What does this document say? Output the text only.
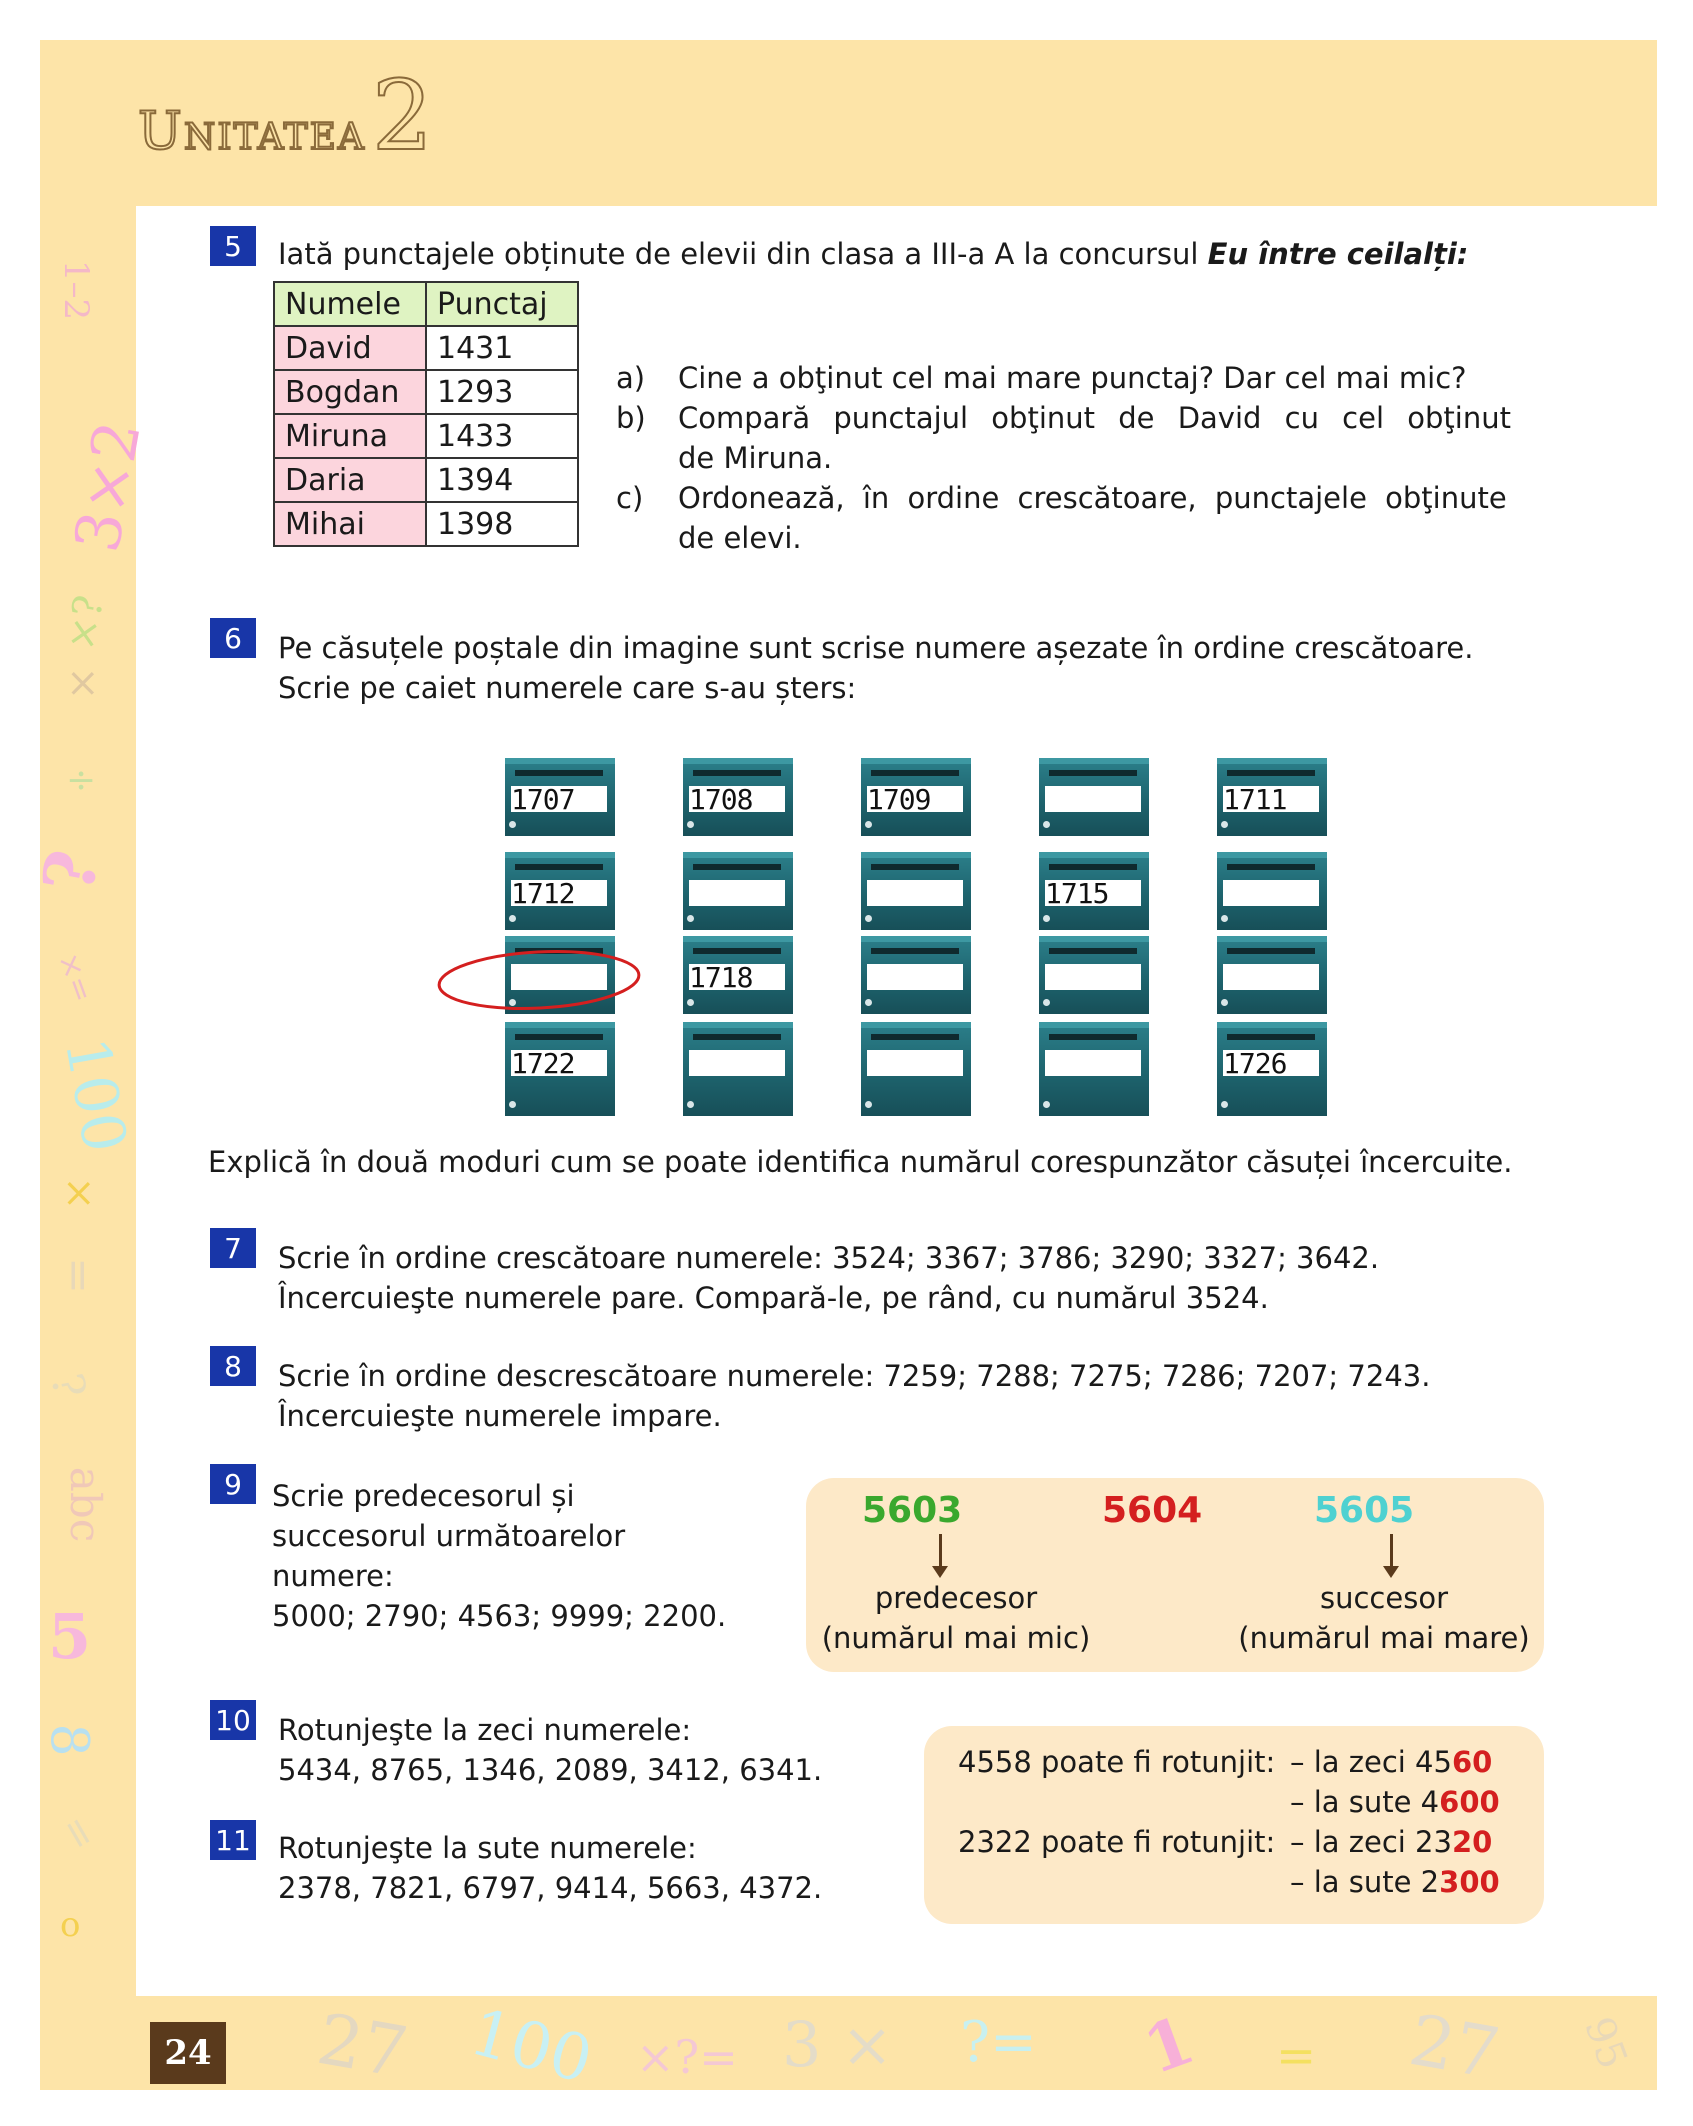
Unitatea2
1–2
3×2
×?
×
÷
?
×=
100
×
=
?
abc
5
8
=
o
27 100 ×?= 3 × ?= 1 = 27 95
24
5	Iată punctajele obținute de elevii din clasa a III-a A la concursul Eu între ceilalți:
Numele	Punctaj
David	1431
Bogdan	1293
Miruna	1433
Daria	1394
Mihai	1398
a) Cine a obţinut cel mai mare punctaj? Dar cel mai mic?
b) Compară punctajul obţinut de David cu cel obţinut
de Miruna.
c) Ordonează, în ordine crescătoare, punctajele obţinute
de elevi.
6	Pe căsuțele poștale din imagine sunt scrise numere așezate în ordine crescătoare.
Scrie pe caiet numerele care s-au șters:
1707	1708	1709	1711
1712	1715
1718
1722	1726
Explică în două moduri cum se poate identifica numărul corespunzător căsuței încercuite.
7	Scrie în ordine crescătoare numerele: 3524; 3367; 3786; 3290; 3327; 3642.
Încercuieşte numerele pare. Compară-le, pe rând, cu numărul 3524.
8	Scrie în ordine descrescătoare numerele: 7259; 7288; 7275; 7286; 7207; 7243.
Încercuieşte numerele impare.
9	Scrie predecesorul și
succesorul următoarelor
numere:
5000; 2790; 4563; 9999; 2200.
5603	5604	5605
predecesor
(numărul mai mic)
succesor
(numărul mai mare)
10 Rotunjeşte la zeci numerele:
5434, 8765, 1346, 2089, 3412, 6341.
11 Rotunjeşte la sute numerele:
2378, 7821, 6797, 9414, 5663, 4372.
4558 poate fi rotunjit: – la zeci 4560
– la sute 4600
2322 poate fi rotunjit: – la zeci 2320
– la sute 2300
